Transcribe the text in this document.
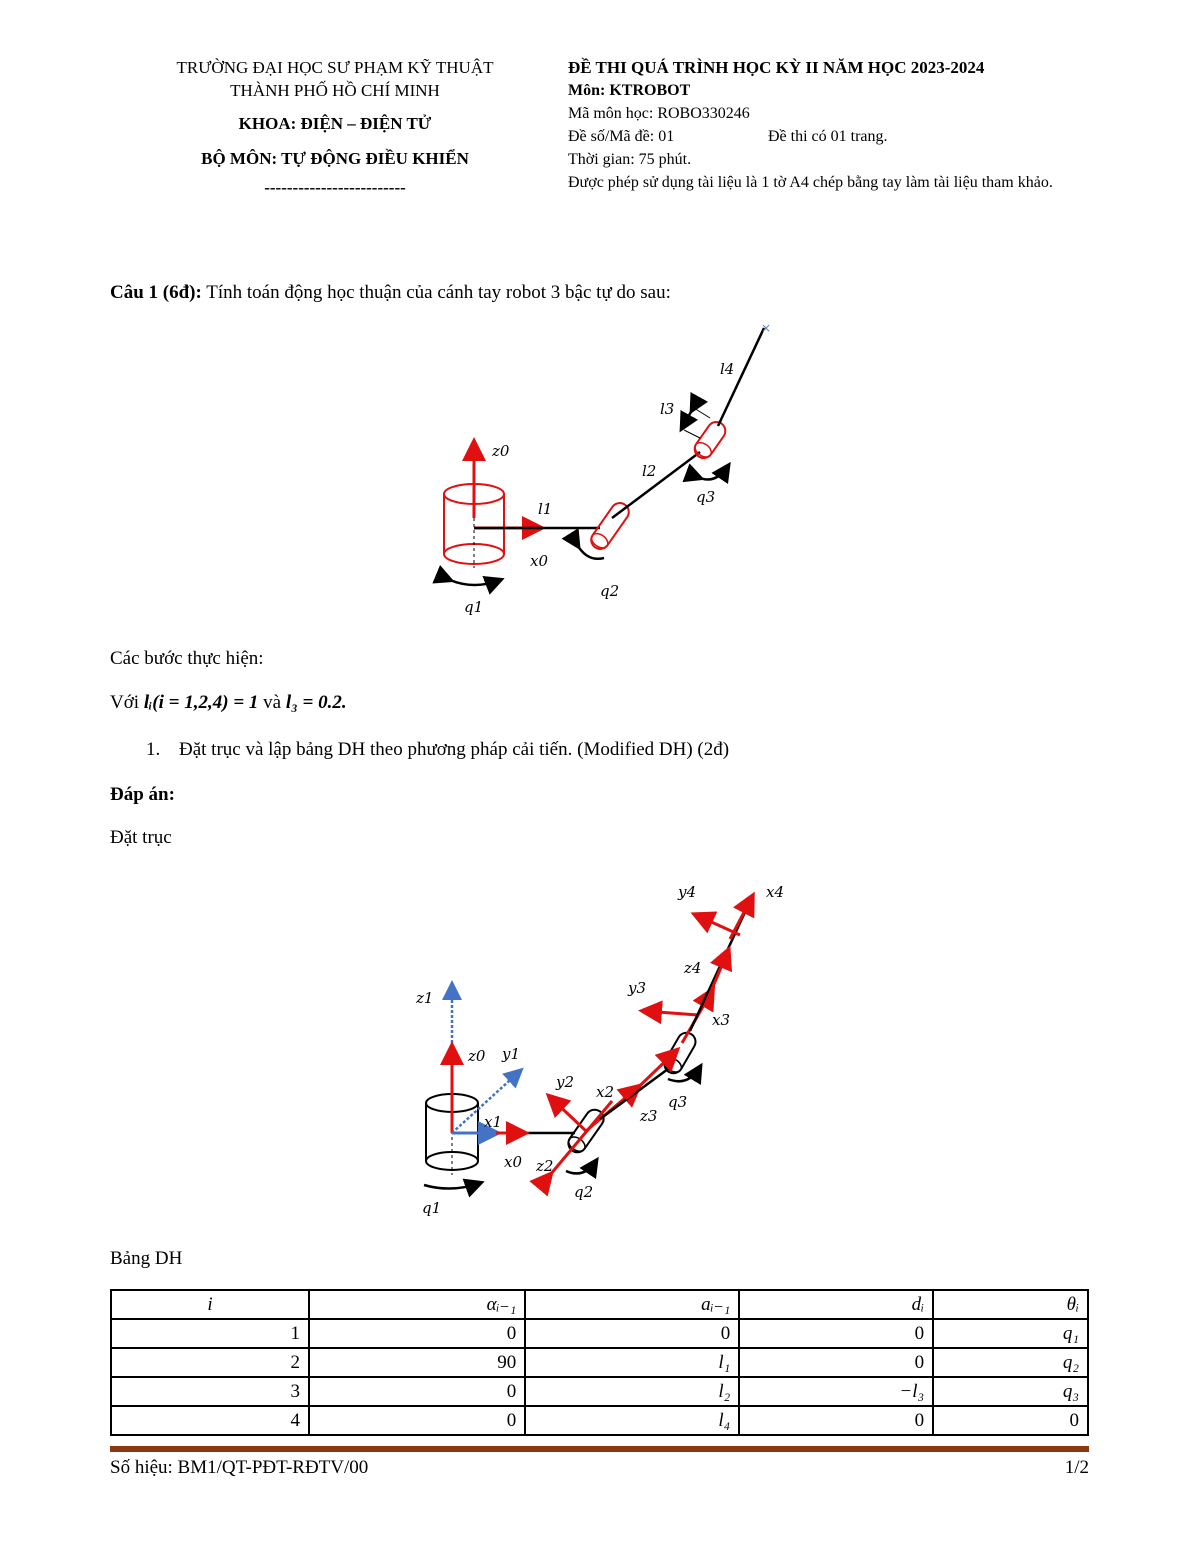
TRƯỜNG ĐẠI HỌC SƯ PHẠM KỸ THUẬT
THÀNH PHỐ HỒ CHÍ MINH
KHOA: ĐIỆN – ĐIỆN TỬ
BỘ MÔN: TỰ ĐỘNG ĐIỀU KHIỂN
-------------------------
ĐỀ THI QUÁ TRÌNH HỌC KỲ II NĂM HỌC 2023-2024
Môn: KTROBOT
Mã môn học: ROBO330246
Đề số/Mã đề: 01	Đề thi có 01 trang.
Thời gian: 75 phút.
Được phép sử dụng tài liệu là 1 tờ A4 chép bằng tay làm tài liệu tham khảo.
Câu 1 (6đ): Tính toán động học thuận của cánh tay robot 3 bậc tự do sau:
×
z0
l1
x0
l2
l3
l4
q1
q2
q3
Các bước thực hiện:
Với lᵢ(i = 1,2,4) = 1 và l₃ = 0.2.
1. Đặt trục và lập bảng DH theo phương pháp cải tiến. (Modified DH) (2đ)
Đáp án:
Đặt trục
z1
z0 y1
x1
x0
y2
x2
z2
q1
q2
y3
x3
z3
q3
y4	x4
z4
Bảng DH
i	αᵢ₋₁	aᵢ₋₁	dᵢ	θᵢ
1	0	0	0	q₁
2	90	l₁	0	q₂
3	0	l₂	−l₃	q₃
4	0	l₄	0	0
Số hiệu: BM1/QT-PĐT-RĐTV/00	1/2
